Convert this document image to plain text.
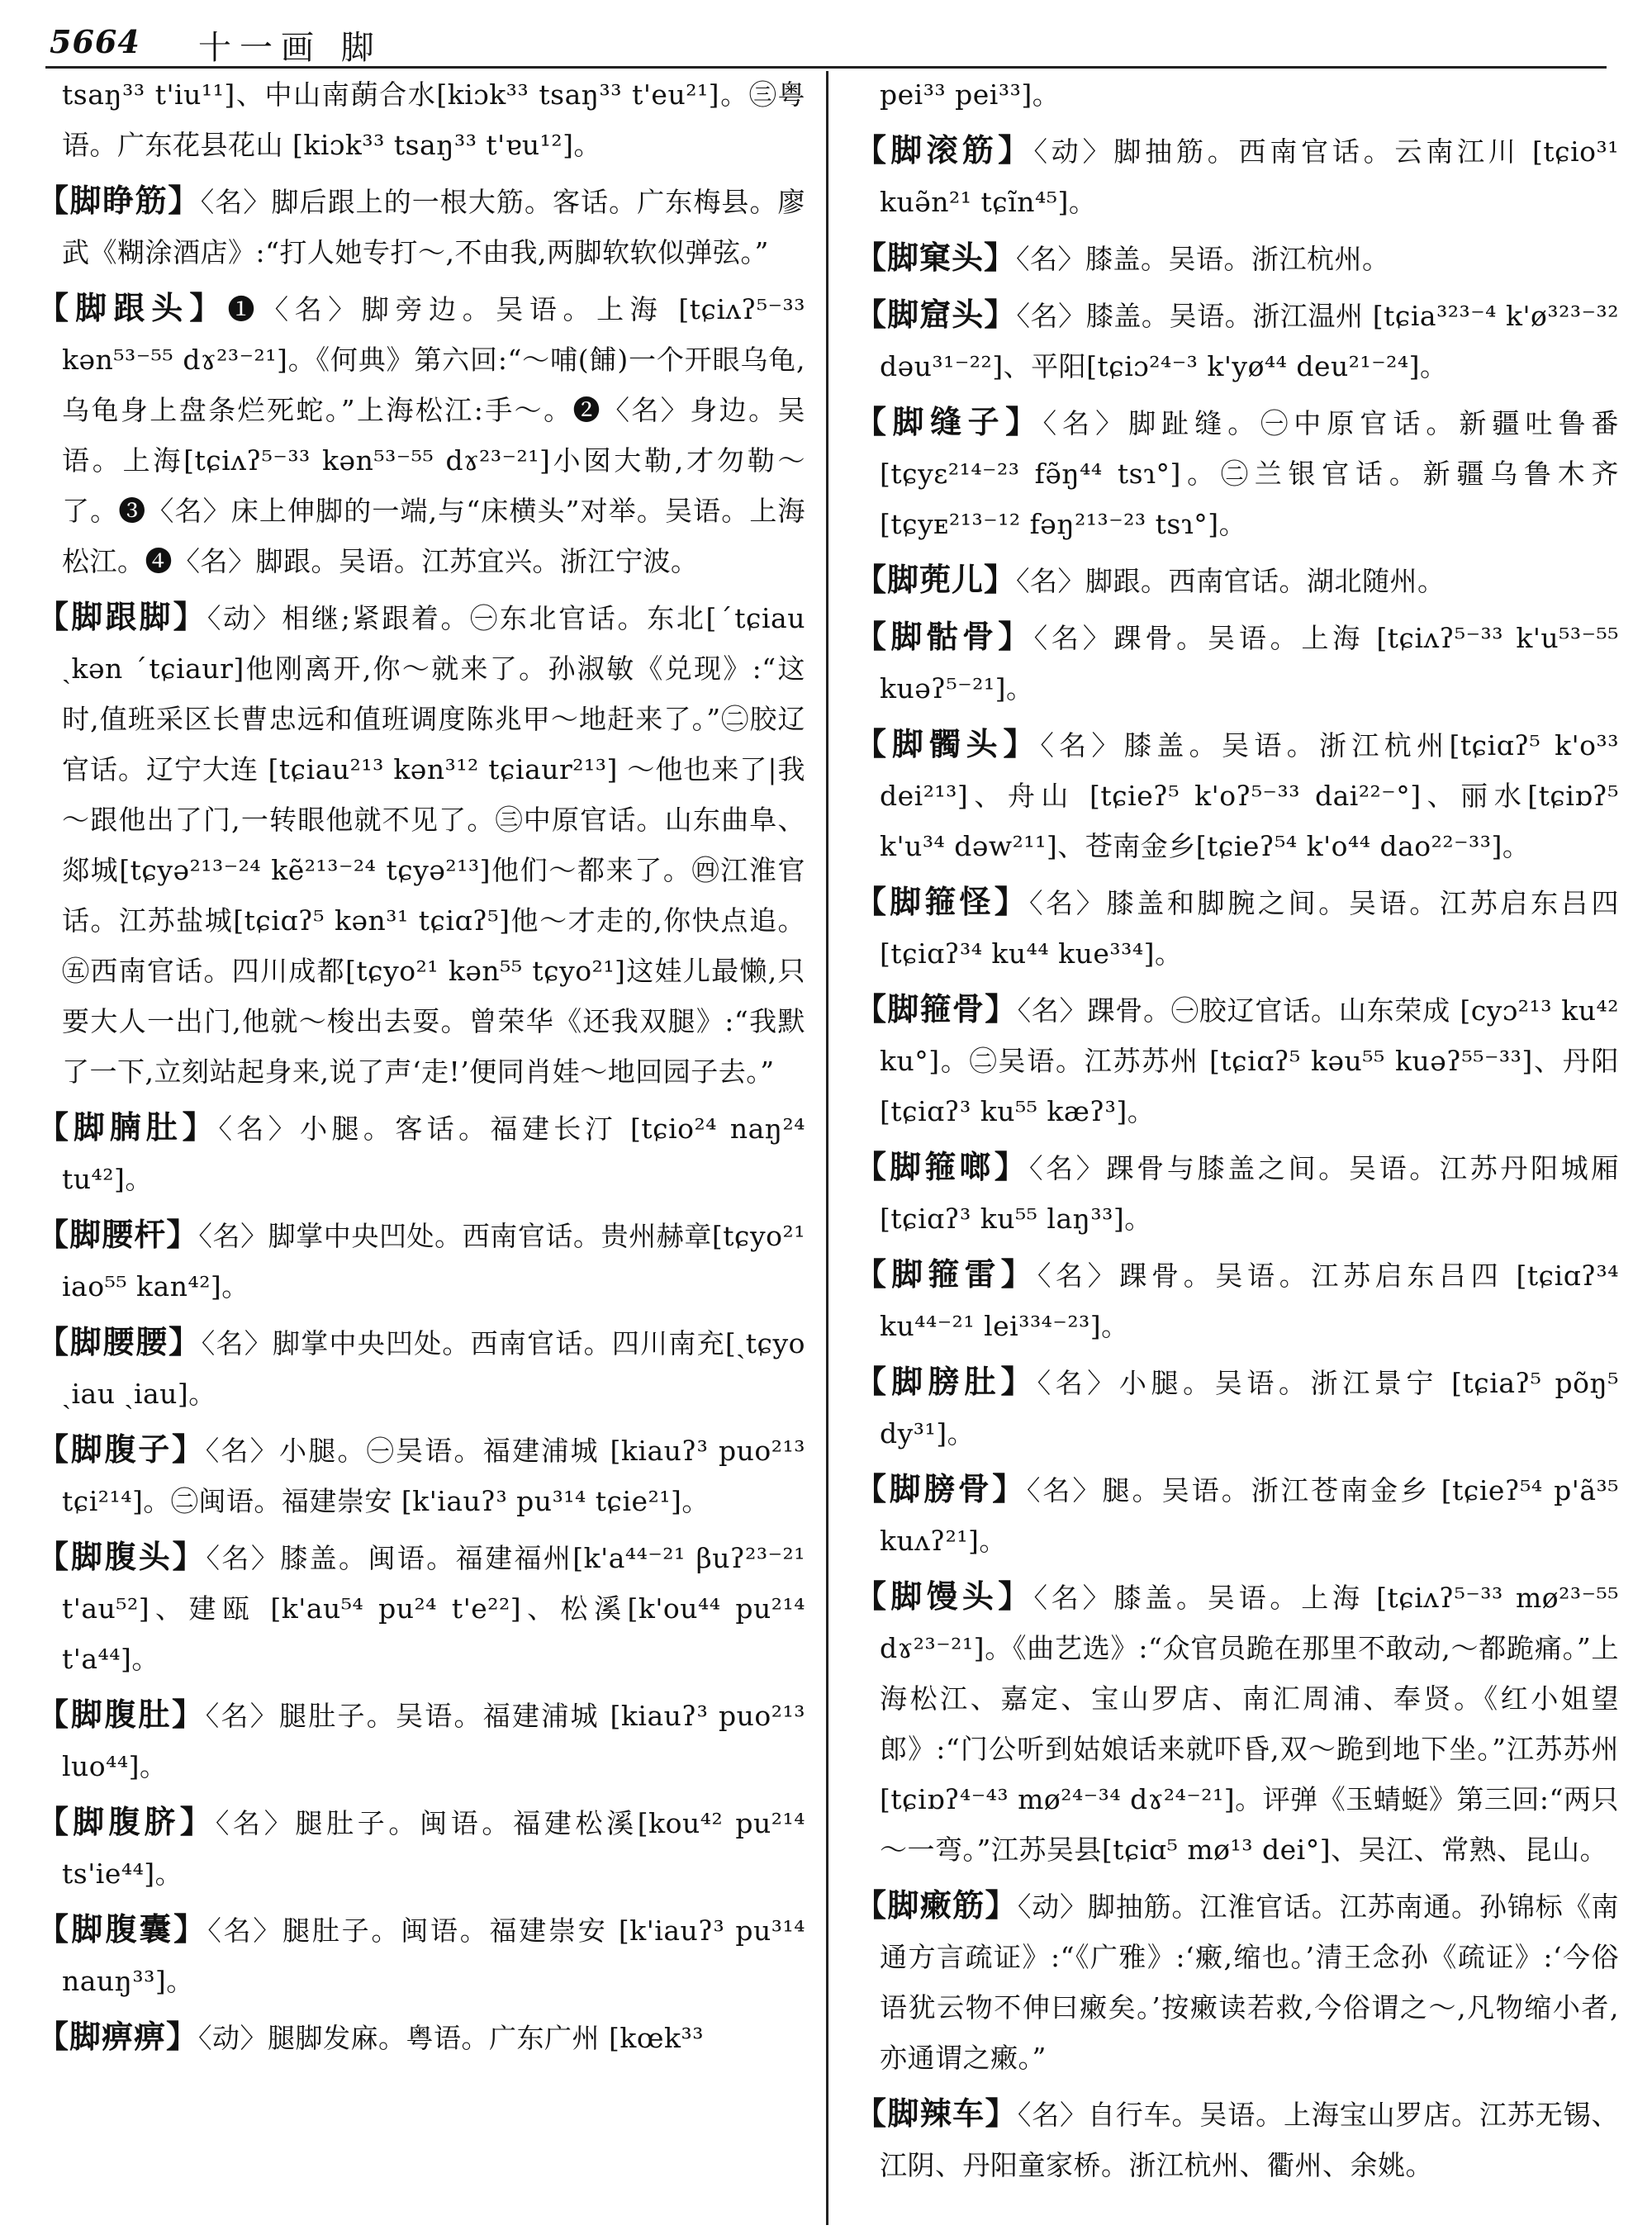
5664 十一画 脚

tsaŋ³³ t'iu¹¹]、中山南蓢合水[kiɔk³³ tsaŋ³³ t'eu²¹]。㊂粤语。广东花县花山 [kiɔk³³ tsaŋ³³ t'ɐu¹²]。

【脚睁筋】〈名〉脚后跟上的一根大筋。客话。广东梅县。廖武《糊涂酒店》:“打人她专打～,不由我,两脚软软似弹弦。”

【脚跟头】❶〈名〉脚旁边。吴语。上海 [tɕiʌʔ⁵⁻³³ kən⁵³⁻⁵⁵ dɤ²³⁻²¹]。《何典》第六回:“～哺(餔)一个开眼乌龟,乌龟身上盘条烂死蛇。”上海松江:手～。❷〈名〉身边。吴语。上海[tɕiʌʔ⁵⁻³³ kən⁵³⁻⁵⁵ dɤ²³⁻²¹]小囡大勒,才勿勒～了。❸〈名〉床上伸脚的一端,与“床横头”对举。吴语。上海松江。❹〈名〉脚跟。吴语。江苏宜兴。浙江宁波。

【脚跟脚】〈动〉相继;紧跟着。㊀东北官话。东北[ˊtɕiau ˏkən ˊtɕiaur]他刚离开,你～就来了。孙淑敏《兑现》:“这时,值班采区长曹忠远和值班调度陈兆甲～地赶来了。”㊁胶辽官话。辽宁大连 [tɕiau²¹³ kən³¹² tɕiaur²¹³] ～他也来了|我～跟他出了门,一转眼他就不见了。㊂中原官话。山东曲阜、郯城[tɕyə²¹³⁻²⁴ kẽ²¹³⁻²⁴ tɕyə²¹³]他们～都来了。㊃江淮官话。江苏盐城[tɕiɑʔ⁵ kən³¹ tɕiɑʔ⁵]他～才走的,你快点追。㊄西南官话。四川成都[tɕyo²¹ kən⁵⁵ tɕyo²¹]这娃儿最懒,只要大人一出门,他就～梭出去耍。曾荣华《还我双腿》:“我默了一下,立刻站起身来,说了声‘走!’便同肖娃～地回园子去。”

【脚腩肚】〈名〉小腿。客话。福建长汀 [tɕio²⁴ naŋ²⁴ tu⁴²]。

【脚腰杆】〈名〉脚掌中央凹处。西南官话。贵州赫章[tɕyo²¹ iao⁵⁵ kan⁴²]。

【脚腰腰】〈名〉脚掌中央凹处。西南官话。四川南充[ˏtɕyo ˏiau ˏiau]。

【脚腹子】〈名〉小腿。㊀吴语。福建浦城 [kiauʔ³ puo²¹³ tɕi²¹⁴]。㊁闽语。福建崇安 [k'iauʔ³ pu³¹⁴ tɕie²¹]。

【脚腹头】〈名〉膝盖。闽语。福建福州[k'a⁴⁴⁻²¹ βuʔ²³⁻²¹ t'au⁵²]、建瓯 [k'au⁵⁴ pu²⁴ t'e²²]、松溪[k'ou⁴⁴ pu²¹⁴ t'a⁴⁴]。

【脚腹肚】〈名〉腿肚子。吴语。福建浦城 [kiauʔ³ puo²¹³ luo⁴⁴]。

【脚腹脐】〈名〉腿肚子。闽语。福建松溪[kou⁴² pu²¹⁴ ts'ie⁴⁴]。

【脚腹囊】〈名〉腿肚子。闽语。福建崇安 [k'iauʔ³ pu³¹⁴ nauŋ³³]。

【脚痹痹】〈动〉腿脚发麻。粤语。广东广州 [kœk³³

pei³³ pei³³]。

【脚滚筋】〈动〉脚抽筋。西南官话。云南江川 [tɕio³¹ kuə̃n²¹ tɕĩn⁴⁵]。

【脚窠头】〈名〉膝盖。吴语。浙江杭州。

【脚窟头】〈名〉膝盖。吴语。浙江温州 [tɕia³²³⁻⁴ k'ø³²³⁻³² dəu³¹⁻²²]、平阳[tɕiɔ²⁴⁻³ k'yø⁴⁴ deu²¹⁻²⁴]。

【脚缝子】〈名〉脚趾缝。㊀中原官话。新疆吐鲁番[tɕyɛ²¹⁴⁻²³ fə̃ŋ⁴⁴ tsɿ°]。㊁兰银官话。新疆乌鲁木齐[tɕyᴇ²¹³⁻¹² fəŋ²¹³⁻²³ tsɿ°]。

【脚蔸儿】〈名〉脚跟。西南官话。湖北随州。

【脚骷骨】〈名〉踝骨。吴语。上海 [tɕiʌʔ⁵⁻³³ k'u⁵³⁻⁵⁵ kuəʔ⁵⁻²¹]。

【脚髑头】〈名〉膝盖。吴语。浙江杭州[tɕiɑʔ⁵ k'o³³ dei²¹³]、舟山 [tɕieʔ⁵ k'oʔ⁵⁻³³ dai²²⁻°]、丽水[tɕiɒʔ⁵ k'u³⁴ dəw²¹¹]、苍南金乡[tɕieʔ⁵⁴ k'o⁴⁴ dao²²⁻³³]。

【脚箍怪】〈名〉膝盖和脚腕之间。吴语。江苏启东吕四 [tɕiɑʔ³⁴ ku⁴⁴ kue³³⁴]。

【脚箍骨】〈名〉踝骨。㊀胶辽官话。山东荣成 [cyɔ²¹³ ku⁴² ku°]。㊁吴语。江苏苏州 [tɕiɑʔ⁵ kəu⁵⁵ kuəʔ⁵⁵⁻³³]、丹阳 [tɕiɑʔ³ ku⁵⁵ kæʔ³]。

【脚箍啷】〈名〉踝骨与膝盖之间。吴语。江苏丹阳城厢 [tɕiɑʔ³ ku⁵⁵ laŋ³³]。

【脚箍雷】〈名〉踝骨。吴语。江苏启东吕四 [tɕiɑʔ³⁴ ku⁴⁴⁻²¹ lei³³⁴⁻²³]。

【脚膀肚】〈名〉小腿。吴语。浙江景宁 [tɕiaʔ⁵ põŋ⁵ dy³¹]。

【脚膀骨】〈名〉腿。吴语。浙江苍南金乡 [tɕieʔ⁵⁴ p'ã³⁵ kuʌʔ²¹]。

【脚馒头】〈名〉膝盖。吴语。上海 [tɕiʌʔ⁵⁻³³ mø²³⁻⁵⁵ dɤ²³⁻²¹]。《曲艺选》:“众官员跪在那里不敢动,～都跪痛。”上海松江、嘉定、宝山罗店、南汇周浦、奉贤。《红小姐望郎》:“门公听到姑娘话来就吓昏,双～跪到地下坐。”江苏苏州 [tɕiɒʔ⁴⁻⁴³ mø²⁴⁻³⁴ dɤ²⁴⁻²¹]。评弹《玉蜻蜓》第三回:“两只～一弯。”江苏吴县[tɕiɑ⁵ mø¹³ dei°]、吴江、常熟、昆山。

【脚瘷筋】〈动〉脚抽筋。江淮官话。江苏南通。孙锦标《南通方言疏证》:“《广雅》:‘瘷,缩也。’清王念孙《疏证》:‘今俗语犹云物不伸曰瘷矣。’按瘷读若救,今俗谓之～,凡物缩小者,亦通谓之瘷。”

【脚辣车】〈名〉自行车。吴语。上海宝山罗店。江苏无锡、江阴、丹阳童家桥。浙江杭州、衢州、余姚。
